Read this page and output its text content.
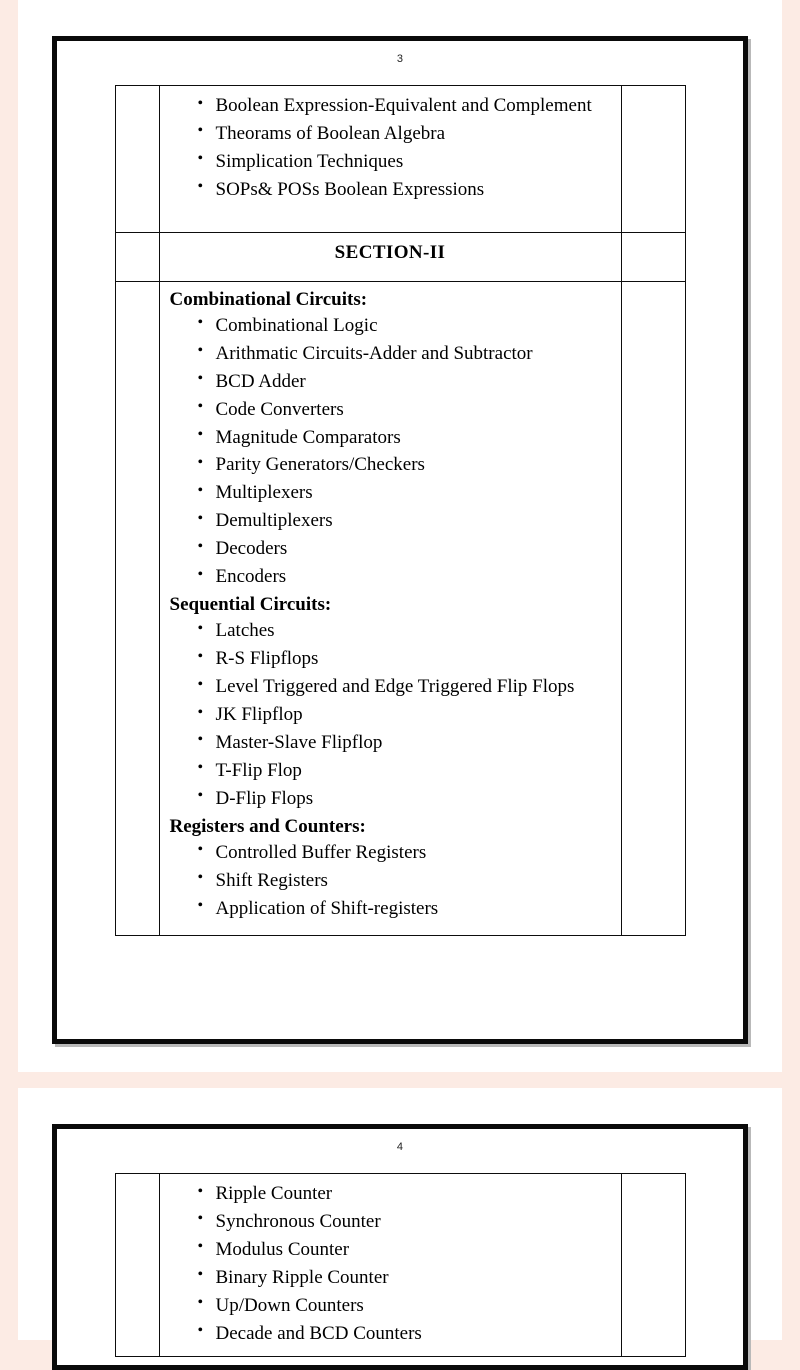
3

• Boolean Expression-Equivalent and Complement
• Theorams of Boolean Algebra
• Simplication Techniques
• SOPs& POSs Boolean Expressions

	SECTION-II	

Combinational Circuits:
• Combinational Logic
• Arithmatic Circuits-Adder and Subtractor
• BCD Adder
• Code Converters
• Magnitude Comparators
• Parity Generators/Checkers
• Multiplexers
• Demultiplexers
• Decoders
• Encoders
Sequential Circuits:
• Latches
• R-S Flipflops
• Level Triggered and Edge Triggered Flip Flops
• JK Flipflop
• Master-Slave Flipflop
• T-Flip Flop
• D-Flip Flops
Registers and Counters:
• Controlled Buffer Registers
• Shift Registers
• Application of Shift-registers

4

• Ripple Counter
• Synchronous Counter
• Modulus Counter
• Binary Ripple Counter
• Up/Down Counters
• Decade and BCD Counters
